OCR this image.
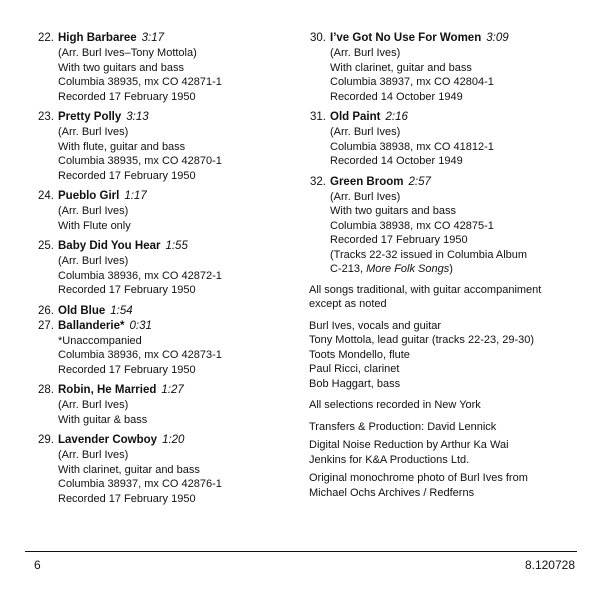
22. High Barbaree 3:17
(Arr. Burl Ives–Tony Mottola)
With two guitars and bass
Columbia 38935, mx CO 42871-1
Recorded 17 February 1950
23. Pretty Polly 3:13
(Arr. Burl Ives)
With flute, guitar and bass
Columbia 38935, mx CO 42870-1
Recorded 17 February 1950
24. Pueblo Girl 1:17
(Arr. Burl Ives)
With Flute only
25. Baby Did You Hear 1:55
(Arr. Burl Ives)
Columbia 38936, mx CO 42872-1
Recorded 17 February 1950
26. Old Blue 1:54
27. Ballanderie* 0:31
*Unaccompanied
Columbia 38936, mx CO 42873-1
Recorded 17 February 1950
28. Robin, He Married 1:27
(Arr. Burl Ives)
With guitar & bass
29. Lavender Cowboy 1:20
(Arr. Burl Ives)
With clarinet, guitar and bass
Columbia 38937, mx CO 42876-1
Recorded 17 February 1950
30. I’ve Got No Use For Women 3:09
(Arr. Burl Ives)
With clarinet, guitar and bass
Columbia 38937, mx CO 42804-1
Recorded 14 October 1949
31. Old Paint 2:16
(Arr. Burl Ives)
Columbia 38938, mx CO 41812-1
Recorded 14 October 1949
32. Green Broom 2:57
(Arr. Burl Ives)
With two guitars and bass
Columbia 38938, mx CO 42875-1
Recorded 17 February 1950
(Tracks 22-32 issued in Columbia Album
C-213, More Folk Songs)
All songs traditional, with guitar accompaniment
except as noted
Burl Ives, vocals and guitar
Tony Mottola, lead guitar (tracks 22-23, 29-30)
Toots Mondello, flute
Paul Ricci, clarinet
Bob Haggart, bass
All selections recorded in New York
Transfers & Production: David Lennick
Digital Noise Reduction by Arthur Ka Wai
Jenkins for K&A Productions Ltd.
Original monochrome photo of Burl Ives from
Michael Ochs Archives / Redferns
6	8.120728
